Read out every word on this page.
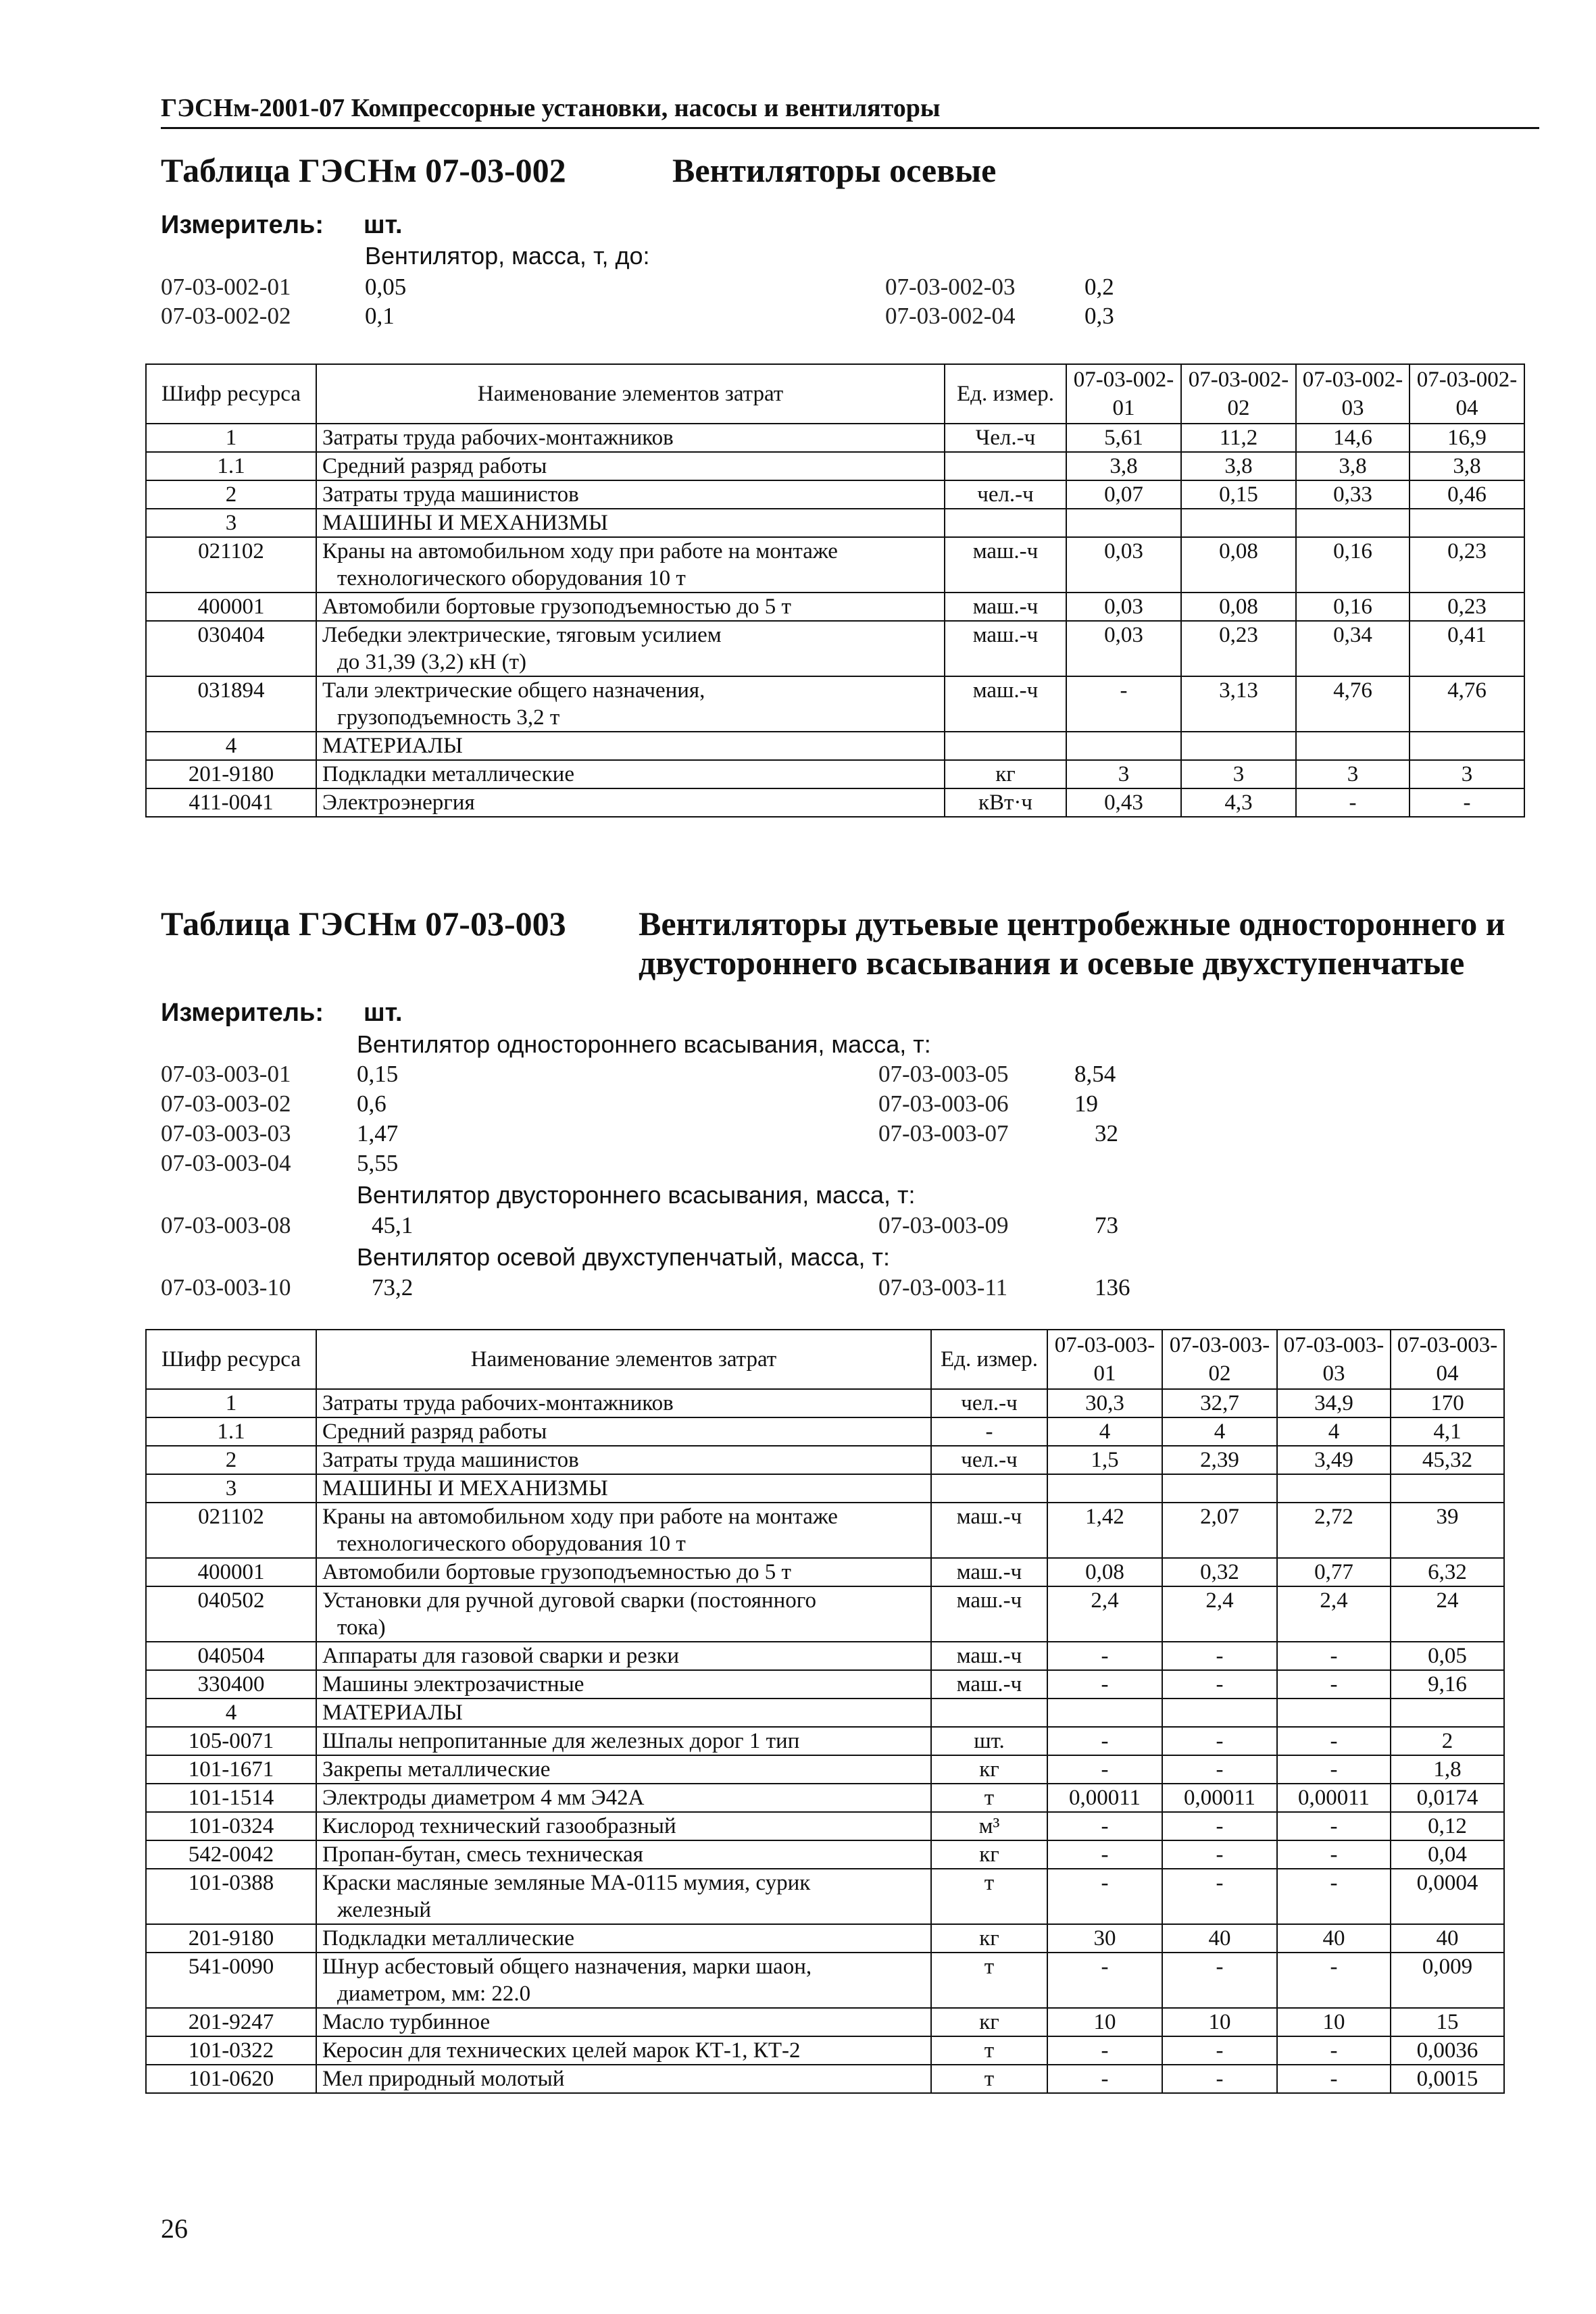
ГЭСНм-2001-07 Компрессорные установки, насосы и вентиляторы
Таблица ГЭСНм 07-03-002	Вентиляторы осевые
Измеритель: шт.
Вентилятор, масса, т, до:
07-03-002-01	0,05
07-03-002-02	0,1
07-03-002-03	0,2
07-03-002-04	0,3
Шифр ресурса	Наименование элементов затрат	Ед. измер.	07-03-002-01	07-03-002-02	07-03-002-03	07-03-002-04
1	Затраты труда рабочих-монтажников	Чел.-ч	5,61	11,2	14,6	16,9
1.1	Средний разряд работы		3,8	3,8	3,8	3,8
2	Затраты труда машинистов	чел.-ч	0,07	0,15	0,33	0,46
3	МАШИНЫ И МЕХАНИЗМЫ					
021102	Краны на автомобильном ходу при работе на монтаже
технологического оборудования 10 т	маш.-ч	0,03	0,08	0,16	0,23
400001	Автомобили бортовые грузоподъемностью до 5 т	маш.-ч	0,03	0,08	0,16	0,23
030404	Лебедки электрические, тяговым усилием
до 31,39 (3,2) кН (т)	маш.-ч	0,03	0,23	0,34	0,41
031894	Тали электрические общего назначения,
грузоподъемность 3,2 т	маш.-ч	-	3,13	4,76	4,76
4	МАТЕРИАЛЫ					
201-9180	Подкладки металлические	кг	3	3	3	3
411-0041	Электроэнергия	кВт·ч	0,43	4,3	-	-
Таблица ГЭСНм 07-03-003 Вентиляторы дутьевые центробежные одностороннего и
двустороннего всасывания и осевые двухступенчатые
Измеритель: шт.
Вентилятор одностороннего всасывания, масса, т:
07-03-003-01	0,15
07-03-003-02	0,6
07-03-003-03	1,47
07-03-003-04	5,55
07-03-003-05	8,54
07-03-003-06	19
07-03-003-07	32
Вентилятор двустороннего всасывания, масса, т:
07-03-003-08	45,1	07-03-003-09	73
Вентилятор осевой двухступенчатый, масса, т:
07-03-003-10	73,2	07-03-003-11	136
Шифр ресурса	Наименование элементов затрат	Ед. измер.	07-03-003-01	07-03-003-02	07-03-003-03	07-03-003-04
1	Затраты труда рабочих-монтажников	чел.-ч	30,3	32,7	34,9	170
1.1	Средний разряд работы	-	4	4	4	4,1
2	Затраты труда машинистов	чел.-ч	1,5	2,39	3,49	45,32
3	МАШИНЫ И МЕХАНИЗМЫ					
021102	Краны на автомобильном ходу при работе на монтаже
технологического оборудования 10 т	маш.-ч	1,42	2,07	2,72	39
400001	Автомобили бортовые грузоподъемностью до 5 т	маш.-ч	0,08	0,32	0,77	6,32
040502	Установки для ручной дуговой сварки (постоянного
тока)	маш.-ч	2,4	2,4	2,4	24
040504	Аппараты для газовой сварки и резки	маш.-ч	-	-	-	0,05
330400	Машины электрозачистные	маш.-ч	-	-	-	9,16
4	МАТЕРИАЛЫ					
105-0071	Шпалы непропитанные для железных дорог 1 тип	шт.	-	-	-	2
101-1671	Закрепы металлические	кг	-	-	-	1,8
101-1514	Электроды диаметром 4 мм Э42А	т	0,00011	0,00011	0,00011	0,0174
101-0324	Кислород технический газообразный	м³	-	-	-	0,12
542-0042	Пропан-бутан, смесь техническая	кг	-	-	-	0,04
101-0388	Краски масляные земляные МА-0115 мумия, сурик
железный	т	-	-	-	0,0004
201-9180	Подкладки металлические	кг	30	40	40	40
541-0090	Шнур асбестовый общего назначения, марки шаон,
диаметром, мм: 22.0	т	-	-	-	0,009
201-9247	Масло турбинное	кг	10	10	10	15
101-0322	Керосин для технических целей марок КТ-1, КТ-2	т	-	-	-	0,0036
101-0620	Мел природный молотый	т	-	-	-	0,0015
26
